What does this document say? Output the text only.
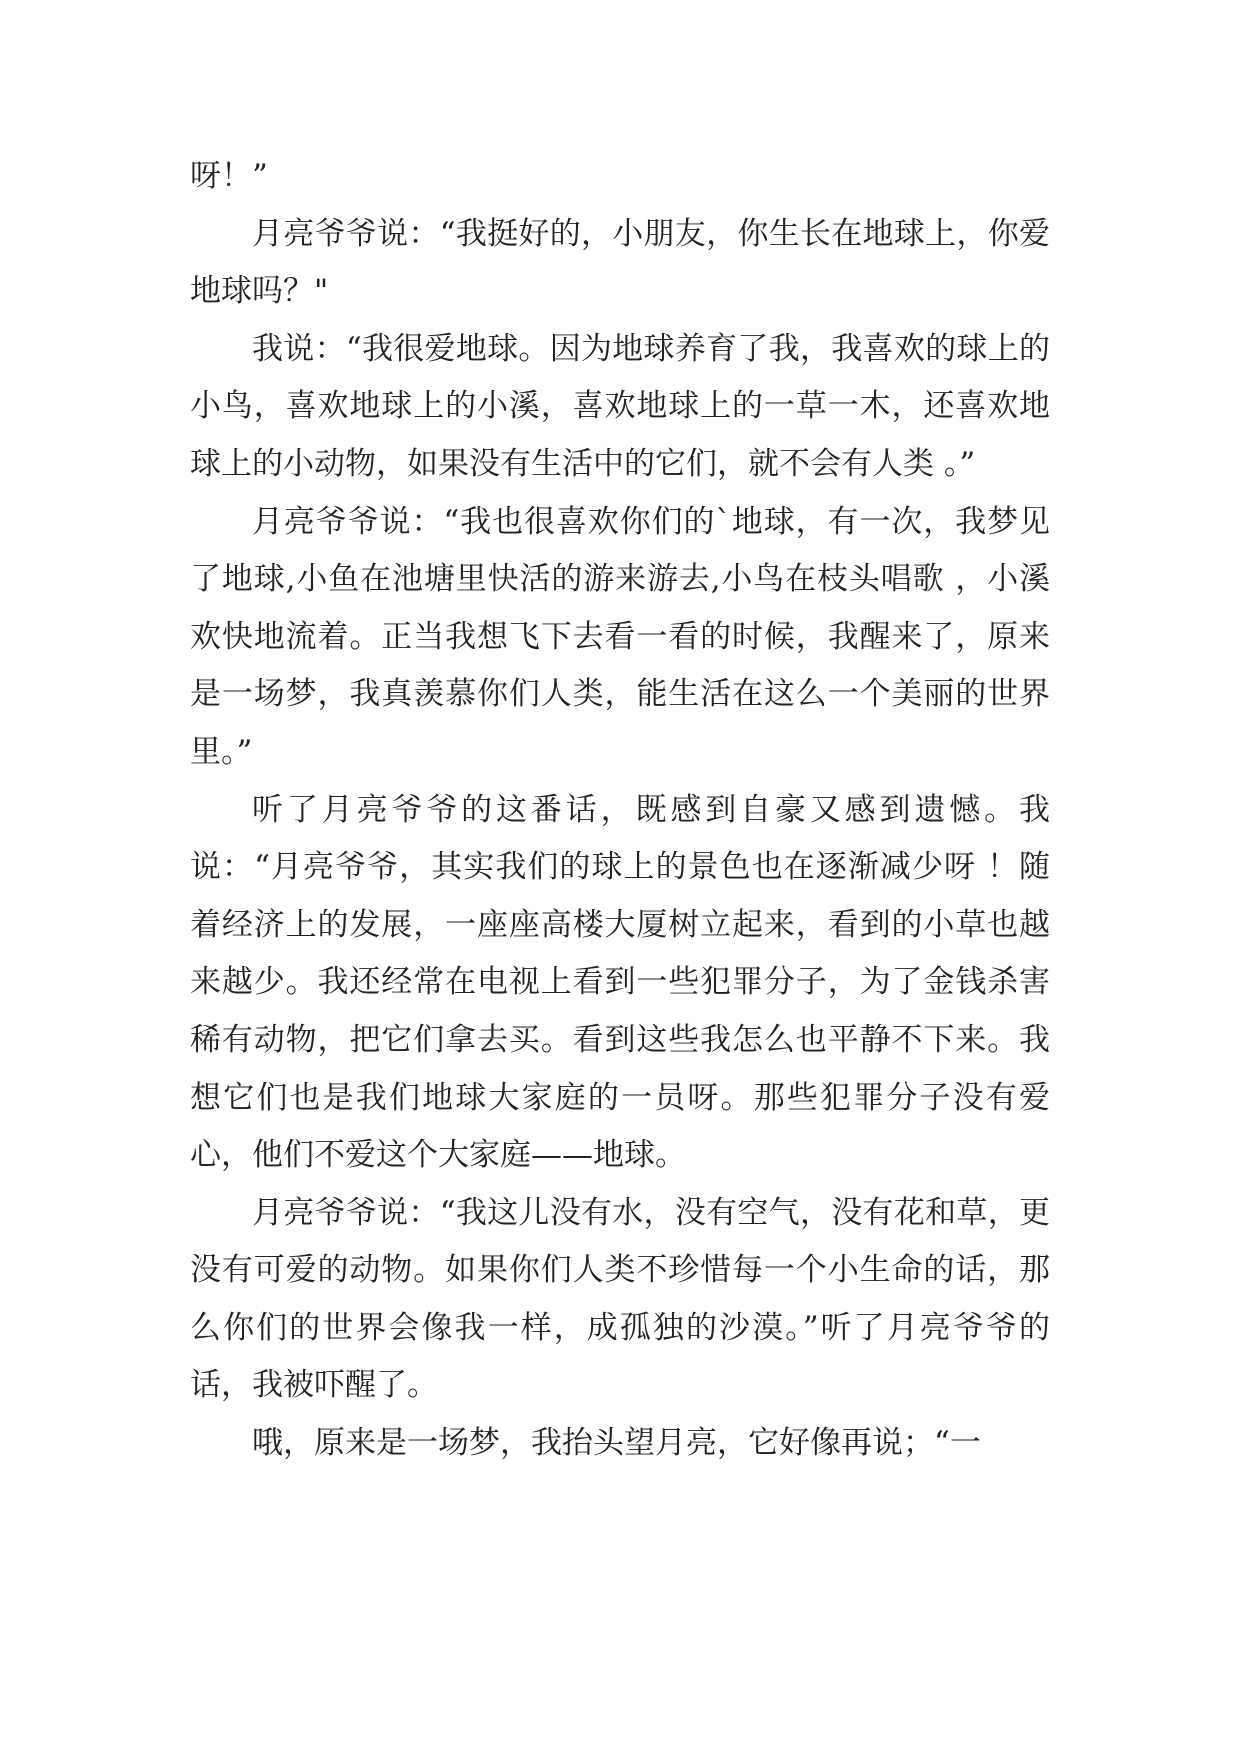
呀！”

月亮爷爷说：“我挺好的，小朋友，你生长在地球上，你爱地球吗？"

我说：“我很爱地球。因为地球养育了我，我喜欢的球上的小鸟，喜欢地球上的小溪，喜欢地球上的一草一木，还喜欢地球上的小动物，如果没有生活中的它们，就不会有人类 。”

月亮爷爷说：“我也很喜欢你们的`地球，有一次，我梦见了地球,小鱼在池塘里快活的游来游去,小鸟在枝头唱歌 ，小溪欢快地流着。正当我想飞下去看一看的时候，我醒来了，原来是一场梦，我真羡慕你们人类，能生活在这么一个美丽的世界里。”

听了月亮爷爷的这番话，既感到自豪又感到遗憾。我说：“月亮爷爷，其实我们的球上的景色也在逐渐减少呀 ！随着经济上的发展，一座座高楼大厦树立起来，看到的小草也越来越少。我还经常在电视上看到一些犯罪分子，为了金钱杀害稀有动物，把它们拿去买。看到这些我怎么也平静不下来。我想它们也是我们地球大家庭的一员呀。那些犯罪分子没有爱心，他们不爱这个大家庭——地球。

月亮爷爷说：“我这儿没有水，没有空气，没有花和草，更没有可爱的动物。如果你们人类不珍惜每一个小生命的话，那么你们的世界会像我一样，成孤独的沙漠。”听了月亮爷爷的话，我被吓醒了。

哦，原来是一场梦，我抬头望月亮，它好像再说；“一
